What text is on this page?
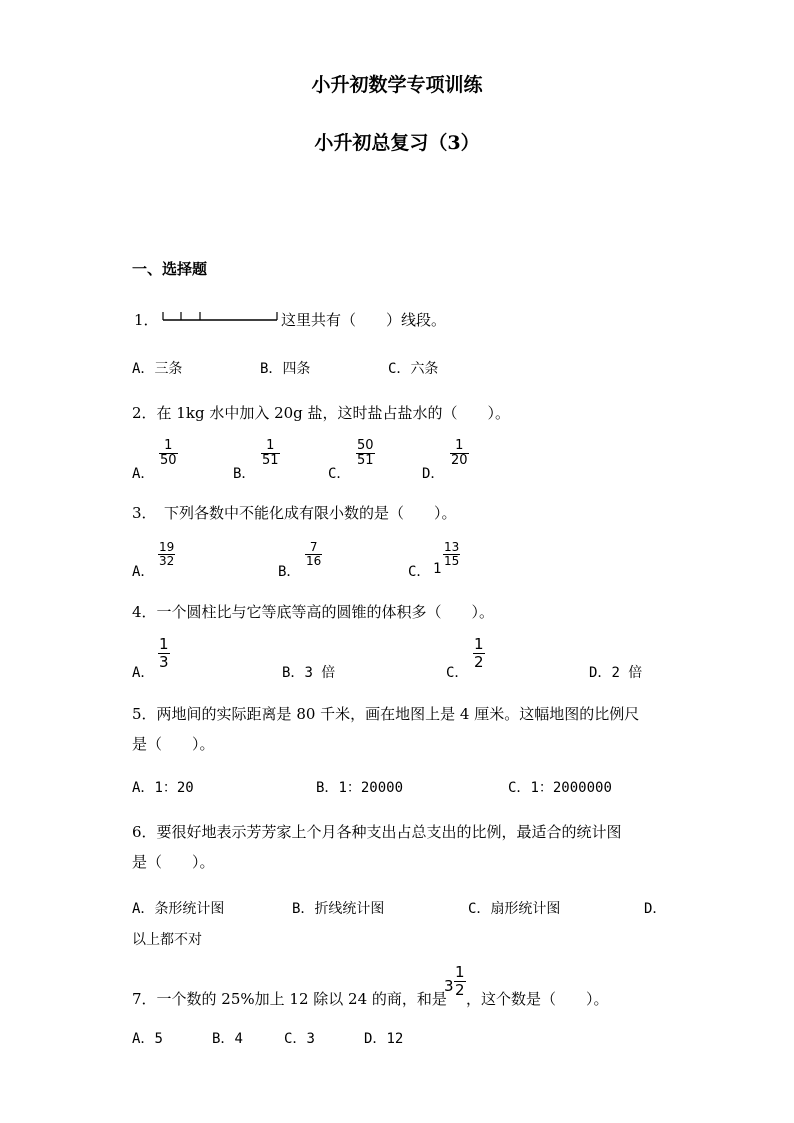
小升初数学专项训练
小升初总复习（3）
一、选择题
1．	这里共有（　　）线段。
A．三条	B．四条	C．六条
2．在 1kg 水中加入 20g 盐，这时盐占盐水的（　　）。
A．
$\frac{1}{50}$
B．
$\frac{1}{51}$
C．
$\frac{50}{51}$
D．
$\frac{1}{20}$
3．　下列各数中不能化成有限小数的是（　　）。
A．
$\frac{19}{32}$
B．
$\frac{7}{16}$
C． 1
$\frac{13}{15}$
4．一个圆柱比与它等底等高的圆锥的体积多（　　）。
A．
$\frac{1}{3}$
B．3 倍	C．
$\frac{1}{2}$
D．2 倍
5．两地间的实际距离是 80 千米，画在地图上是 4 厘米。这幅地图的比例尺
是（　　）。
A．1：20	B．1：20000	C．1：2000000
6．要很好地表示芳芳家上个月各种支出占总支出的比例，最适合的统计图
是（　　）。
A．条形统计图	B．折线统计图	C．扇形统计图	D．
以上都不对
7．一个数的 25%加上 12 除以 24 的商，和是
$3 \frac{1}{2}$
，这个数是（　　）。
A．5	B．4	C．3	D．12
